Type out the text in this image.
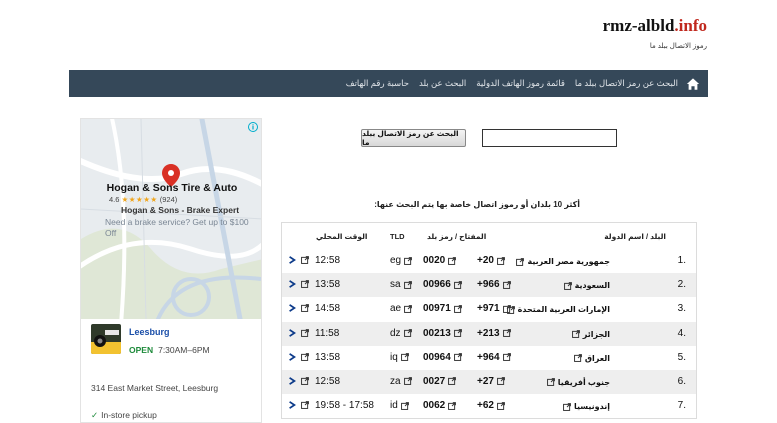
rmz-albld.info
رموز الاتصال ببلد ما
البحث عن رمز الاتصال ببلد ما
قائمة رموز الهاتف الدولية
البحث عن بلد
حاسبة رقم الهاتف
Hogan & Sons Tire & Auto
4.6 ★★★★★ (924)
Hogan & Sons - Brake Expert
Need a brake service? Get up to $100 Off
Leesburg
OPEN 7:30AM–6PM
314 East Market Street, Leesburg
✓ In-store pickup
البحث عن رمز الاتصال ببلد ما
أكثر 10 بلدان أو رموز اتصال خاصة بها يتم البحث عنها:
البلد / اسم الدولة
المفتاح / رمز بلد
TLD
الوقت المحلي
1.
جمهورية مصر العربية
+20
0020
eg
12:58
2.
السعودية
+966
00966
sa
13:58
3.
الإمارات العربية المتحدة
+971
00971
ae
14:58
4.
الجزائر
+213
00213
dz
11:58
5.
العراق
+964
00964
iq
13:58
6.
جنوب أفريقيا
+27
0027
za
12:58
7.
إندونيسيا
+62
0062
id
19:58 - 17:58
